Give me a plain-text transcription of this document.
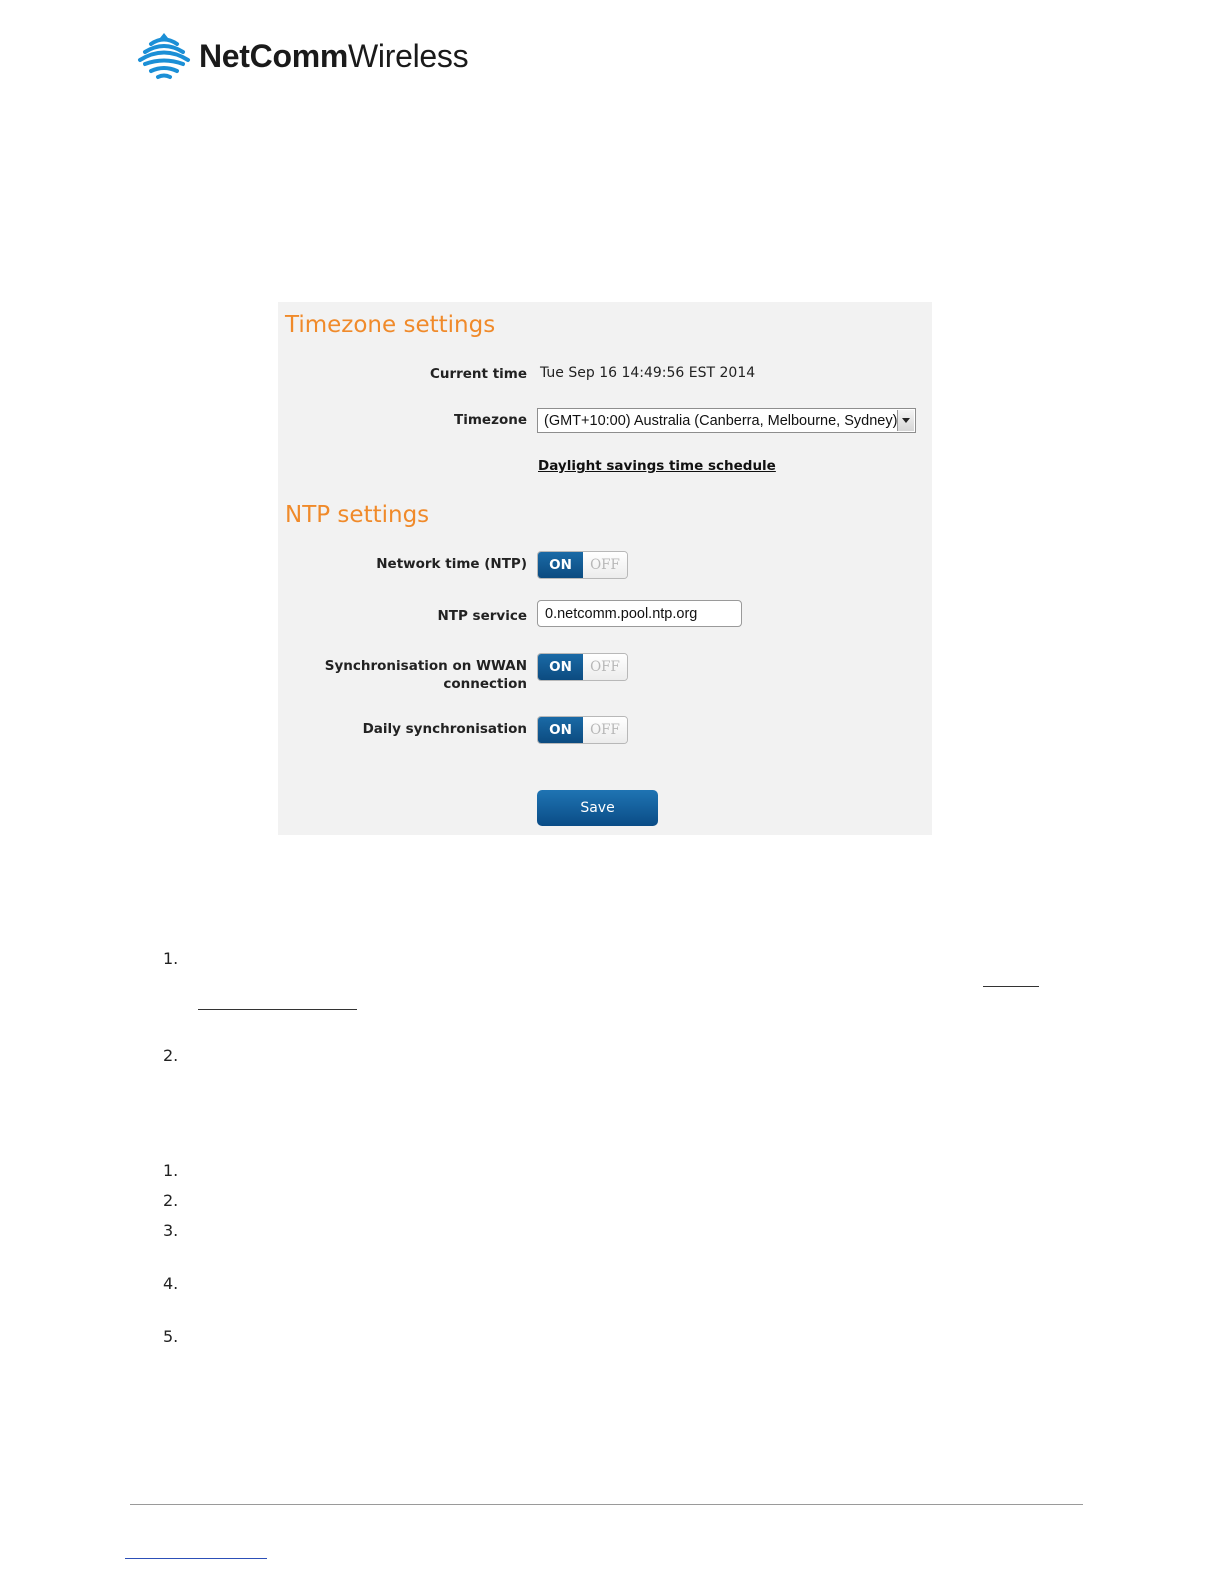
NetCommWireless
Timezone settings
Current time Tue Sep 16 14:49:56 EST 2014
Timezone (GMT+10:00) Australia (Canberra, Melbourne, Sydney)
Daylight savings time schedule
NTP settings
Network time (NTP)	ON	OFF
NTP service 0.netcomm.pool.ntp.org
Synchronisation on WWAN
connection
ON	OFF
Daily synchronisation	ON	OFF
Save
1.
2.
1.
2.
3.
4.
5.
